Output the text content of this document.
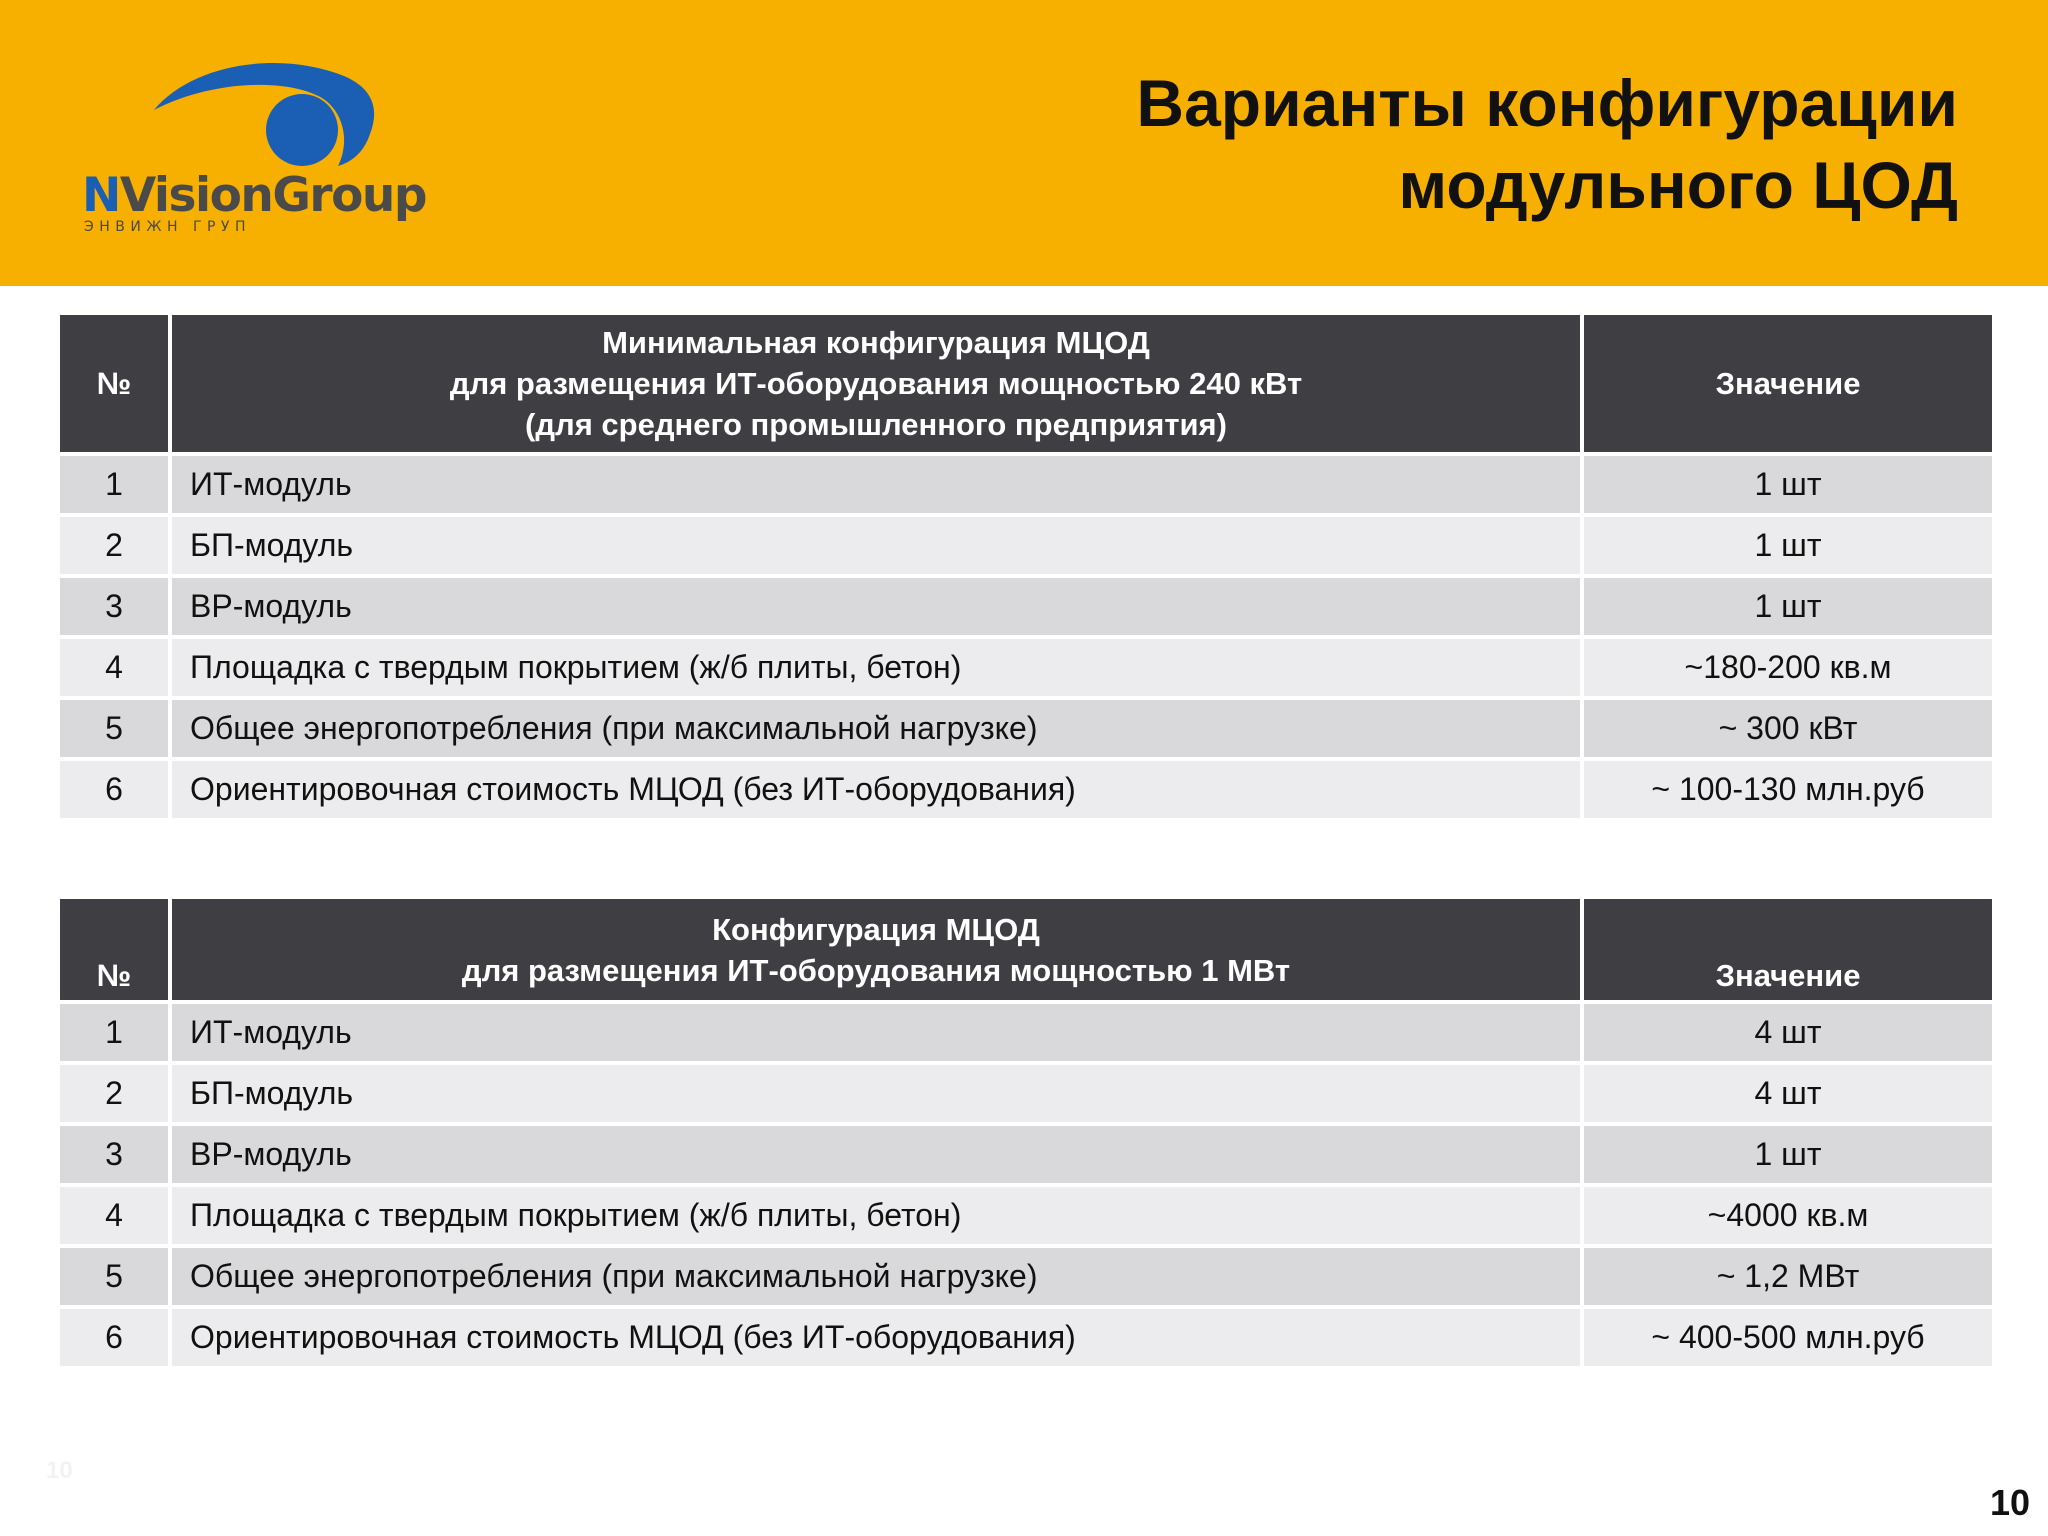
NVisionGroup
ЭНВИЖН ГРУП
Варианты конфигурации
модульного ЦОД
№	Минимальная конфигурация МЦОД
для размещения ИТ-оборудования мощностью 240 кВт
(для среднего промышленного предприятия)	Значение
1	ИТ-модуль	1 шт
2	БП-модуль	1 шт
3	ВР-модуль	1 шт
4	Площадка с твердым покрытием (ж/б плиты, бетон)	~180-200 кв.м
5	Общее энергопотребления (при максимальной нагрузке)	~ 300 кВт
6	Ориентировочная стоимость МЦОД (без ИТ-оборудования)	~ 100-130 млн.руб
№	Конфигурация МЦОД
для размещения ИТ-оборудования мощностью 1 МВт	Значение
1	ИТ-модуль	4 шт
2	БП-модуль	4 шт
3	ВР-модуль	1 шт
4	Площадка с твердым покрытием (ж/б плиты, бетон)	~4000 кв.м
5	Общее энергопотребления (при максимальной нагрузке)	~ 1,2 МВт
6	Ориентировочная стоимость МЦОД (без ИТ-оборудования)	~ 400-500 млн.руб
10
10
